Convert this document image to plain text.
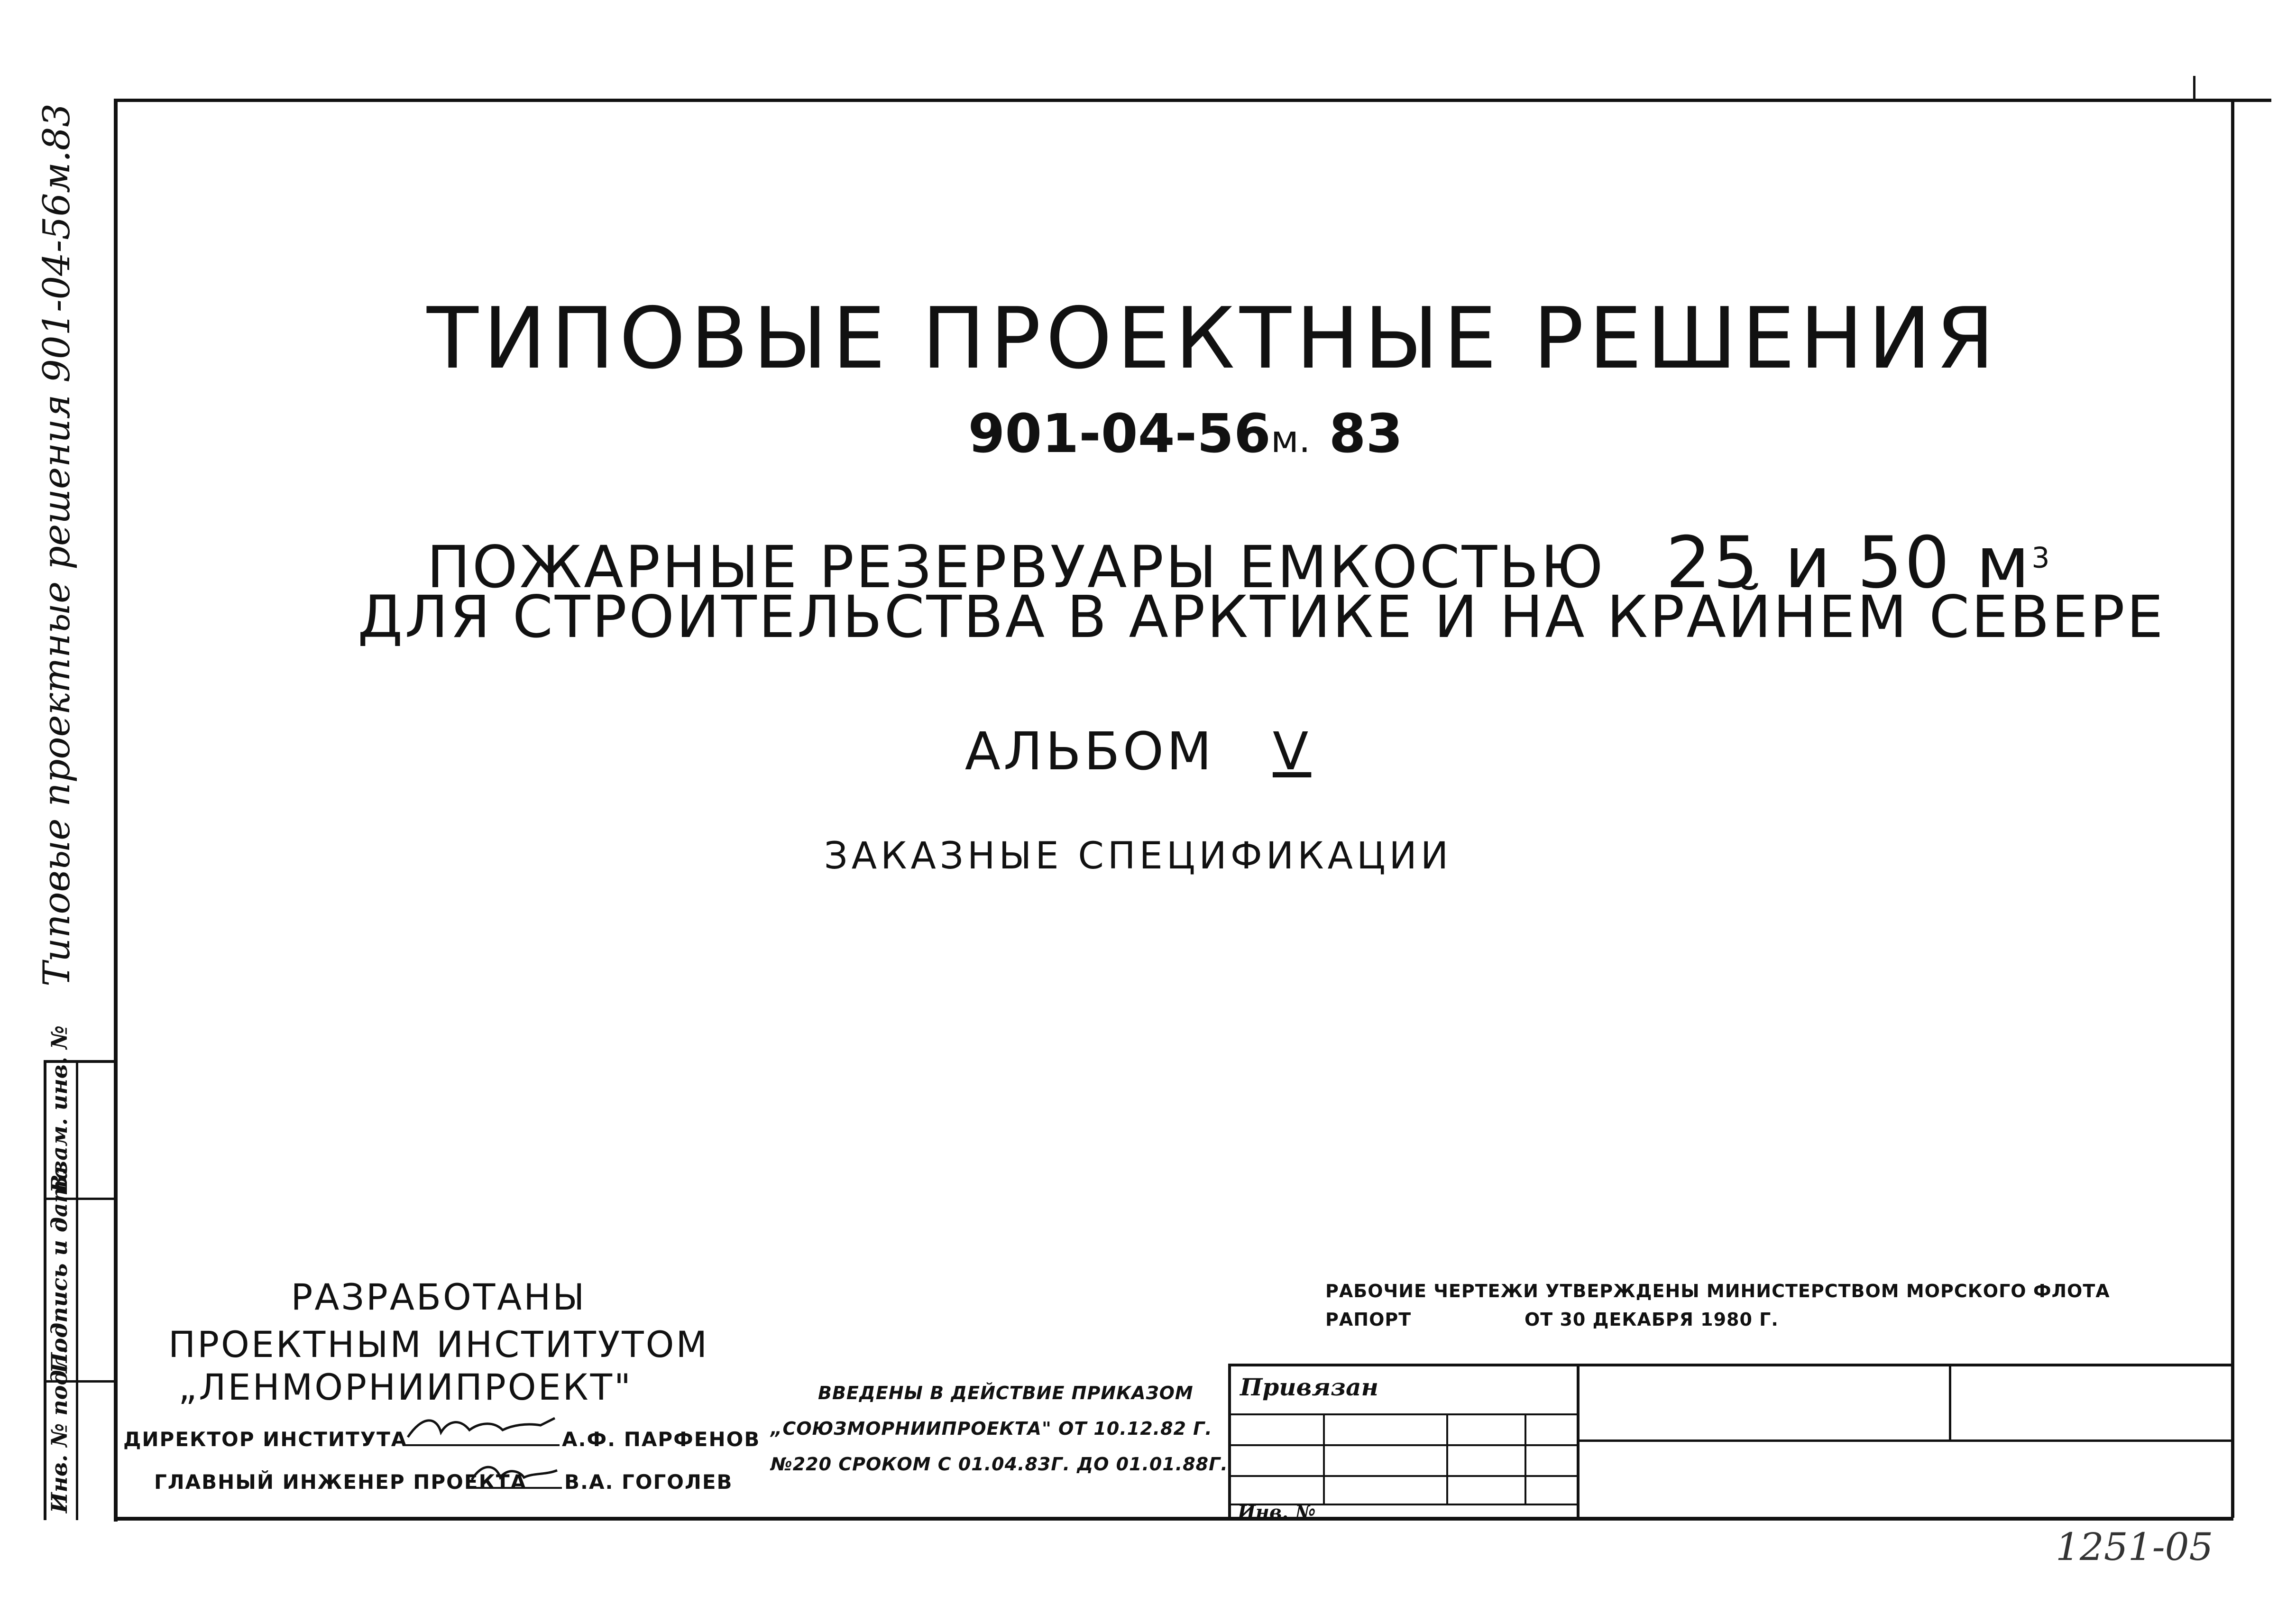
Типовые проектные решения 901-04-56м.83
Взам. инв. №
Подпись и дата
Инв. № подл.
ТИПОВЫЕ ПРОЕКТНЫЕ РЕШЕНИЯ
901-04-56м. 83
ПОЖАРНЫЕ РЕЗЕРВУАРЫ ЕМКОСТЬЮ 25 и 50 $м^3$
ДЛЯ СТРОИТЕЛЬСТВА В АРКТИКЕ И НА КРАЙНЕМ СЕВЕРЕ
АЛЬБОМ V
ЗАКАЗНЫЕ СПЕЦИФИКАЦИИ
РАЗРАБОТАНЫ
ПРОЕКТНЫМ ИНСТИТУТОМ
„ЛЕНМОРНИИПРОЕКТ"
ДИРЕКТОР ИНСТИТУТА	А.Ф. ПАРФЕНОВ
ГЛАВНЫЙ ИНЖЕНЕР ПРОЕКТА В.А. ГОГОЛЕВ
ВВЕДЕНЫ В ДЕЙСТВИЕ ПРИКАЗОМ
„СОЮЗМОРНИИПРОЕКТА" ОТ 10.12.82 Г.
№220 СРОКОМ С 01.04.83Г. ДО 01.01.88Г.
РАБОЧИЕ ЧЕРТЕЖИ УТВЕРЖДЕНЫ МИНИСТЕРСТВОМ МОРСКОГО ФЛОТА
РАПОРТ	ОТ 30 ДЕКАБРЯ 1980 Г.
Привязан
Инв. №
1251-05
